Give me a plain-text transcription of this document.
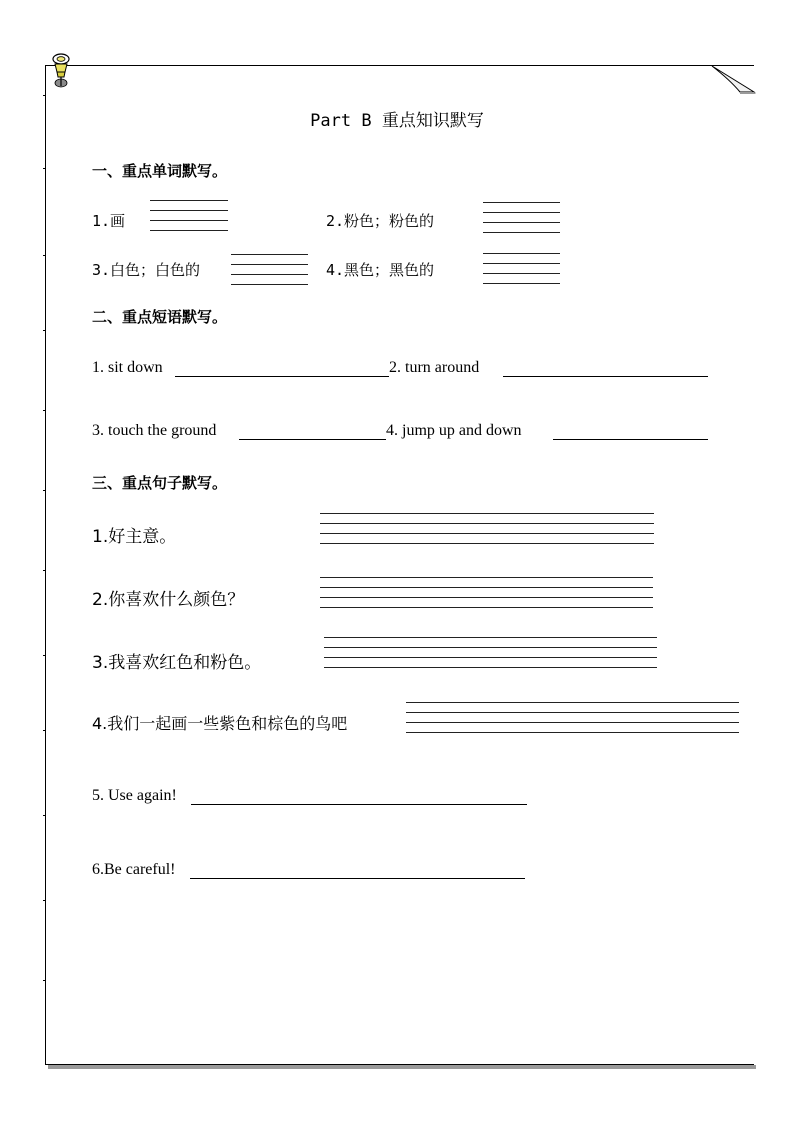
Part B 重点知识默写
一、重点单词默写。
1.画	2.粉色；粉色的
3.白色；白色的	4.黑色；黑色的
二、重点短语默写。
1. sit down	2. turn around
3. touch the ground	4. jump up and down
三、重点句子默写。
1.好主意。
2.你喜欢什么颜色？
3.我喜欢红色和粉色。
4.我们一起画一些紫色和棕色的鸟吧
5. Use again!
6.Be careful!
